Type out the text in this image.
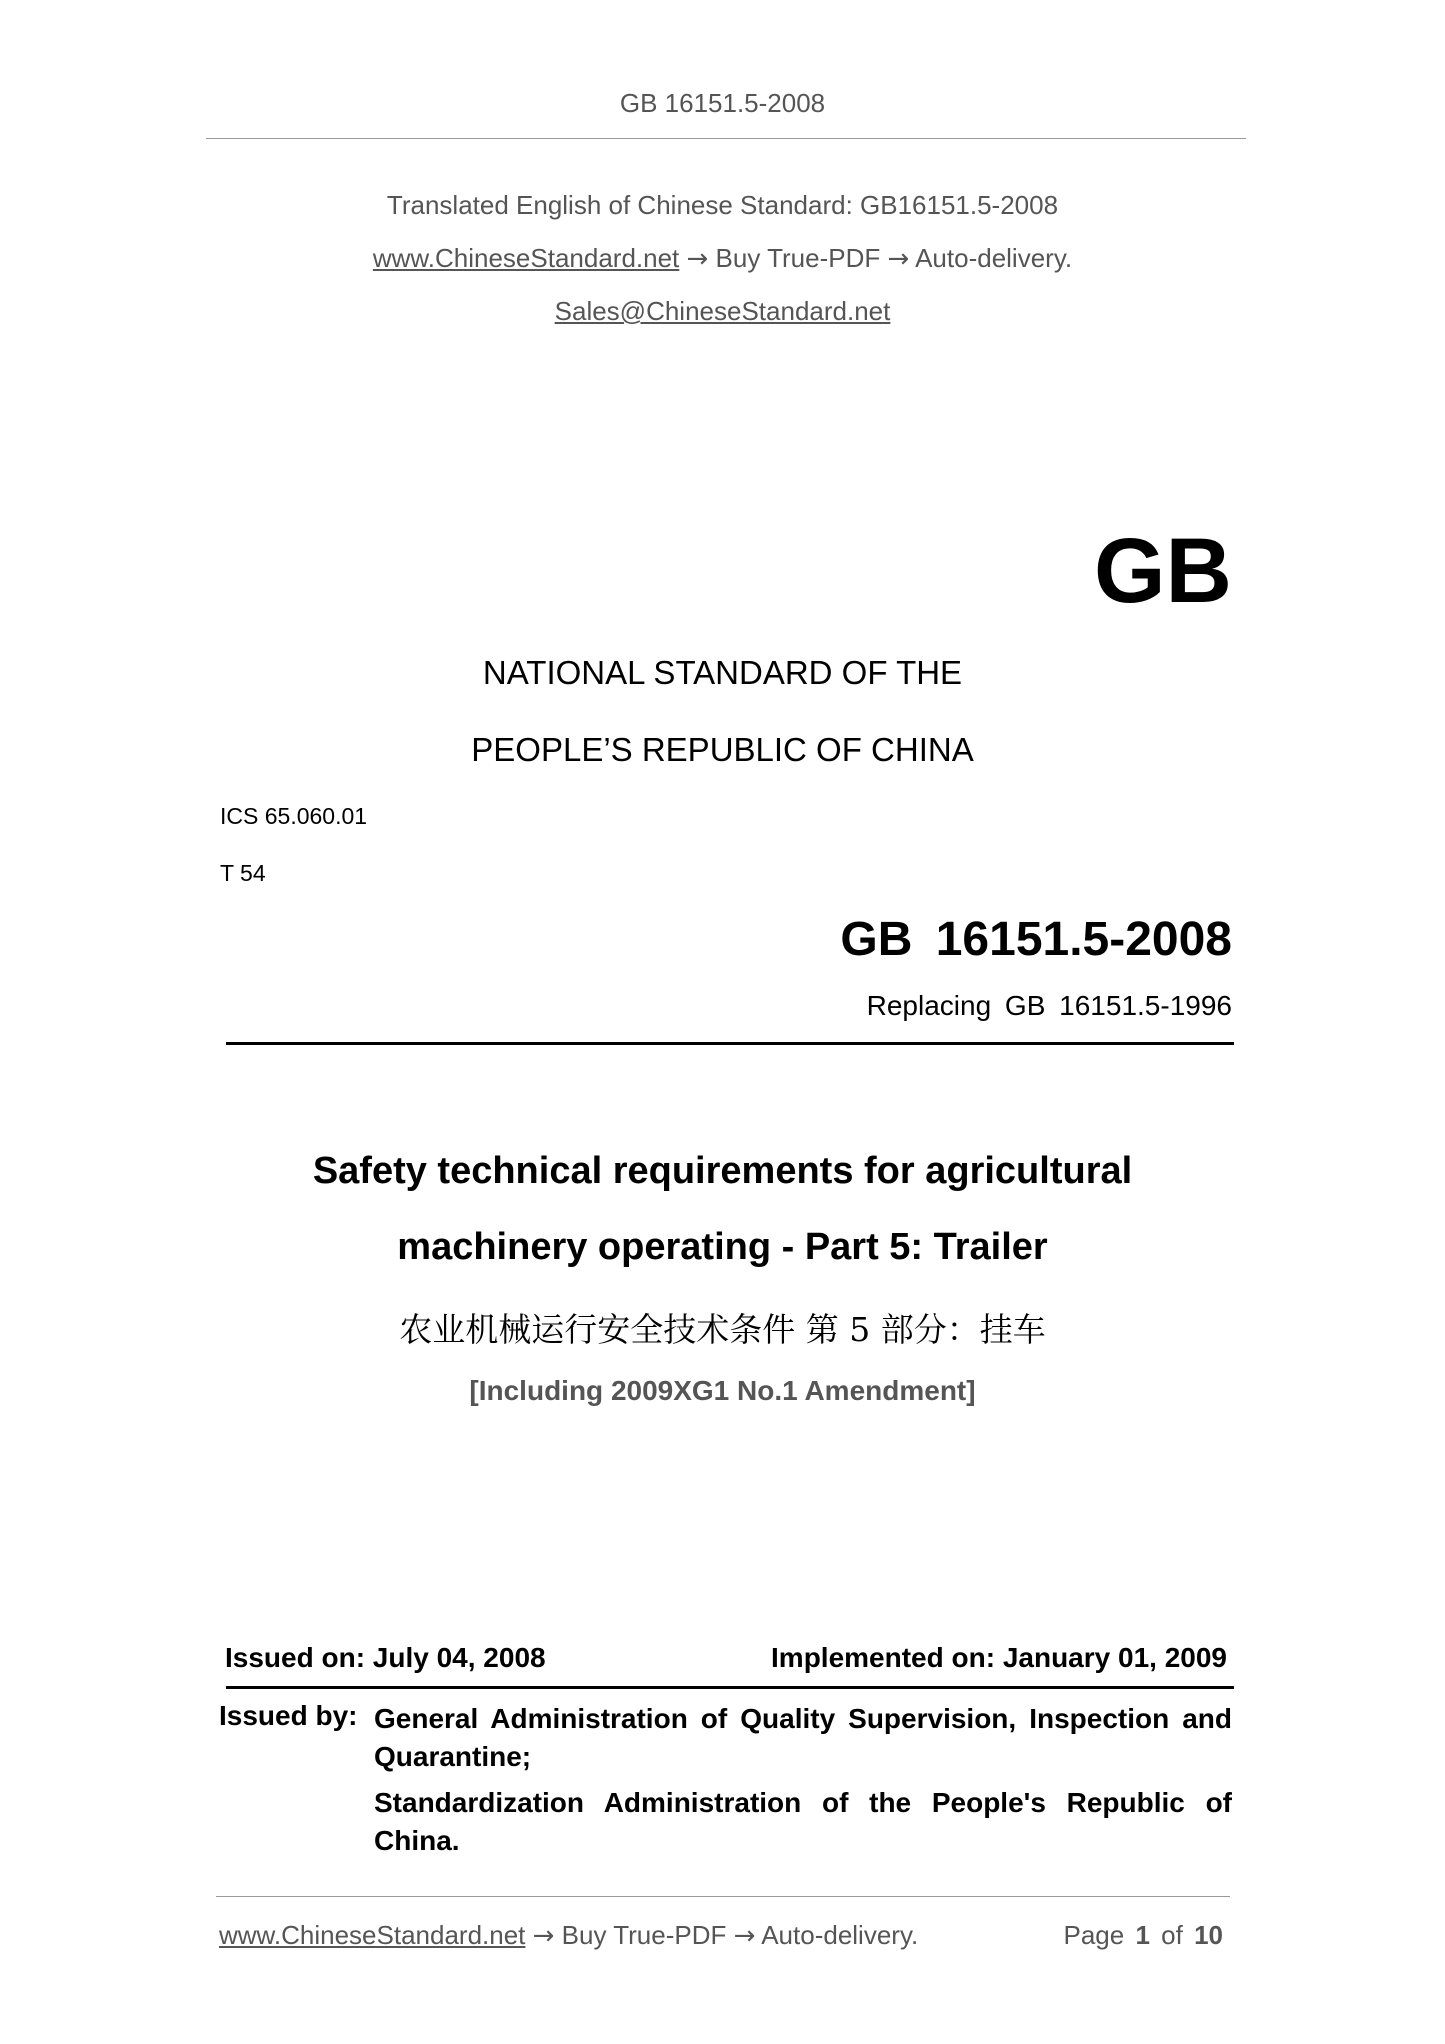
GB 16151.5-2008
Translated English of Chinese Standard: GB16151.5-2008
www.ChineseStandard.net → Buy True-PDF → Auto-delivery.
Sales@ChineseStandard.net
GB
NATIONAL STANDARD OF THE
PEOPLE’S REPUBLIC OF CHINA
ICS 65.060.01
T 54
GB 16151.5-2008
Replacing GB 16151.5-1996
Safety technical requirements for agricultural
machinery operating - Part 5: Trailer
农业机械运行安全技术条件 第 5 部分：挂车
[Including 2009XG1 No.1 Amendment]
Issued on: July 04, 2008	Implemented on: January 01, 2009
Issued by: General Administration of Quality Supervision, Inspection and
Quarantine;
Standardization Administration of the People's Republic of
China.
www.ChineseStandard.net → Buy True-PDF → Auto-delivery.	Page 1 of 10
